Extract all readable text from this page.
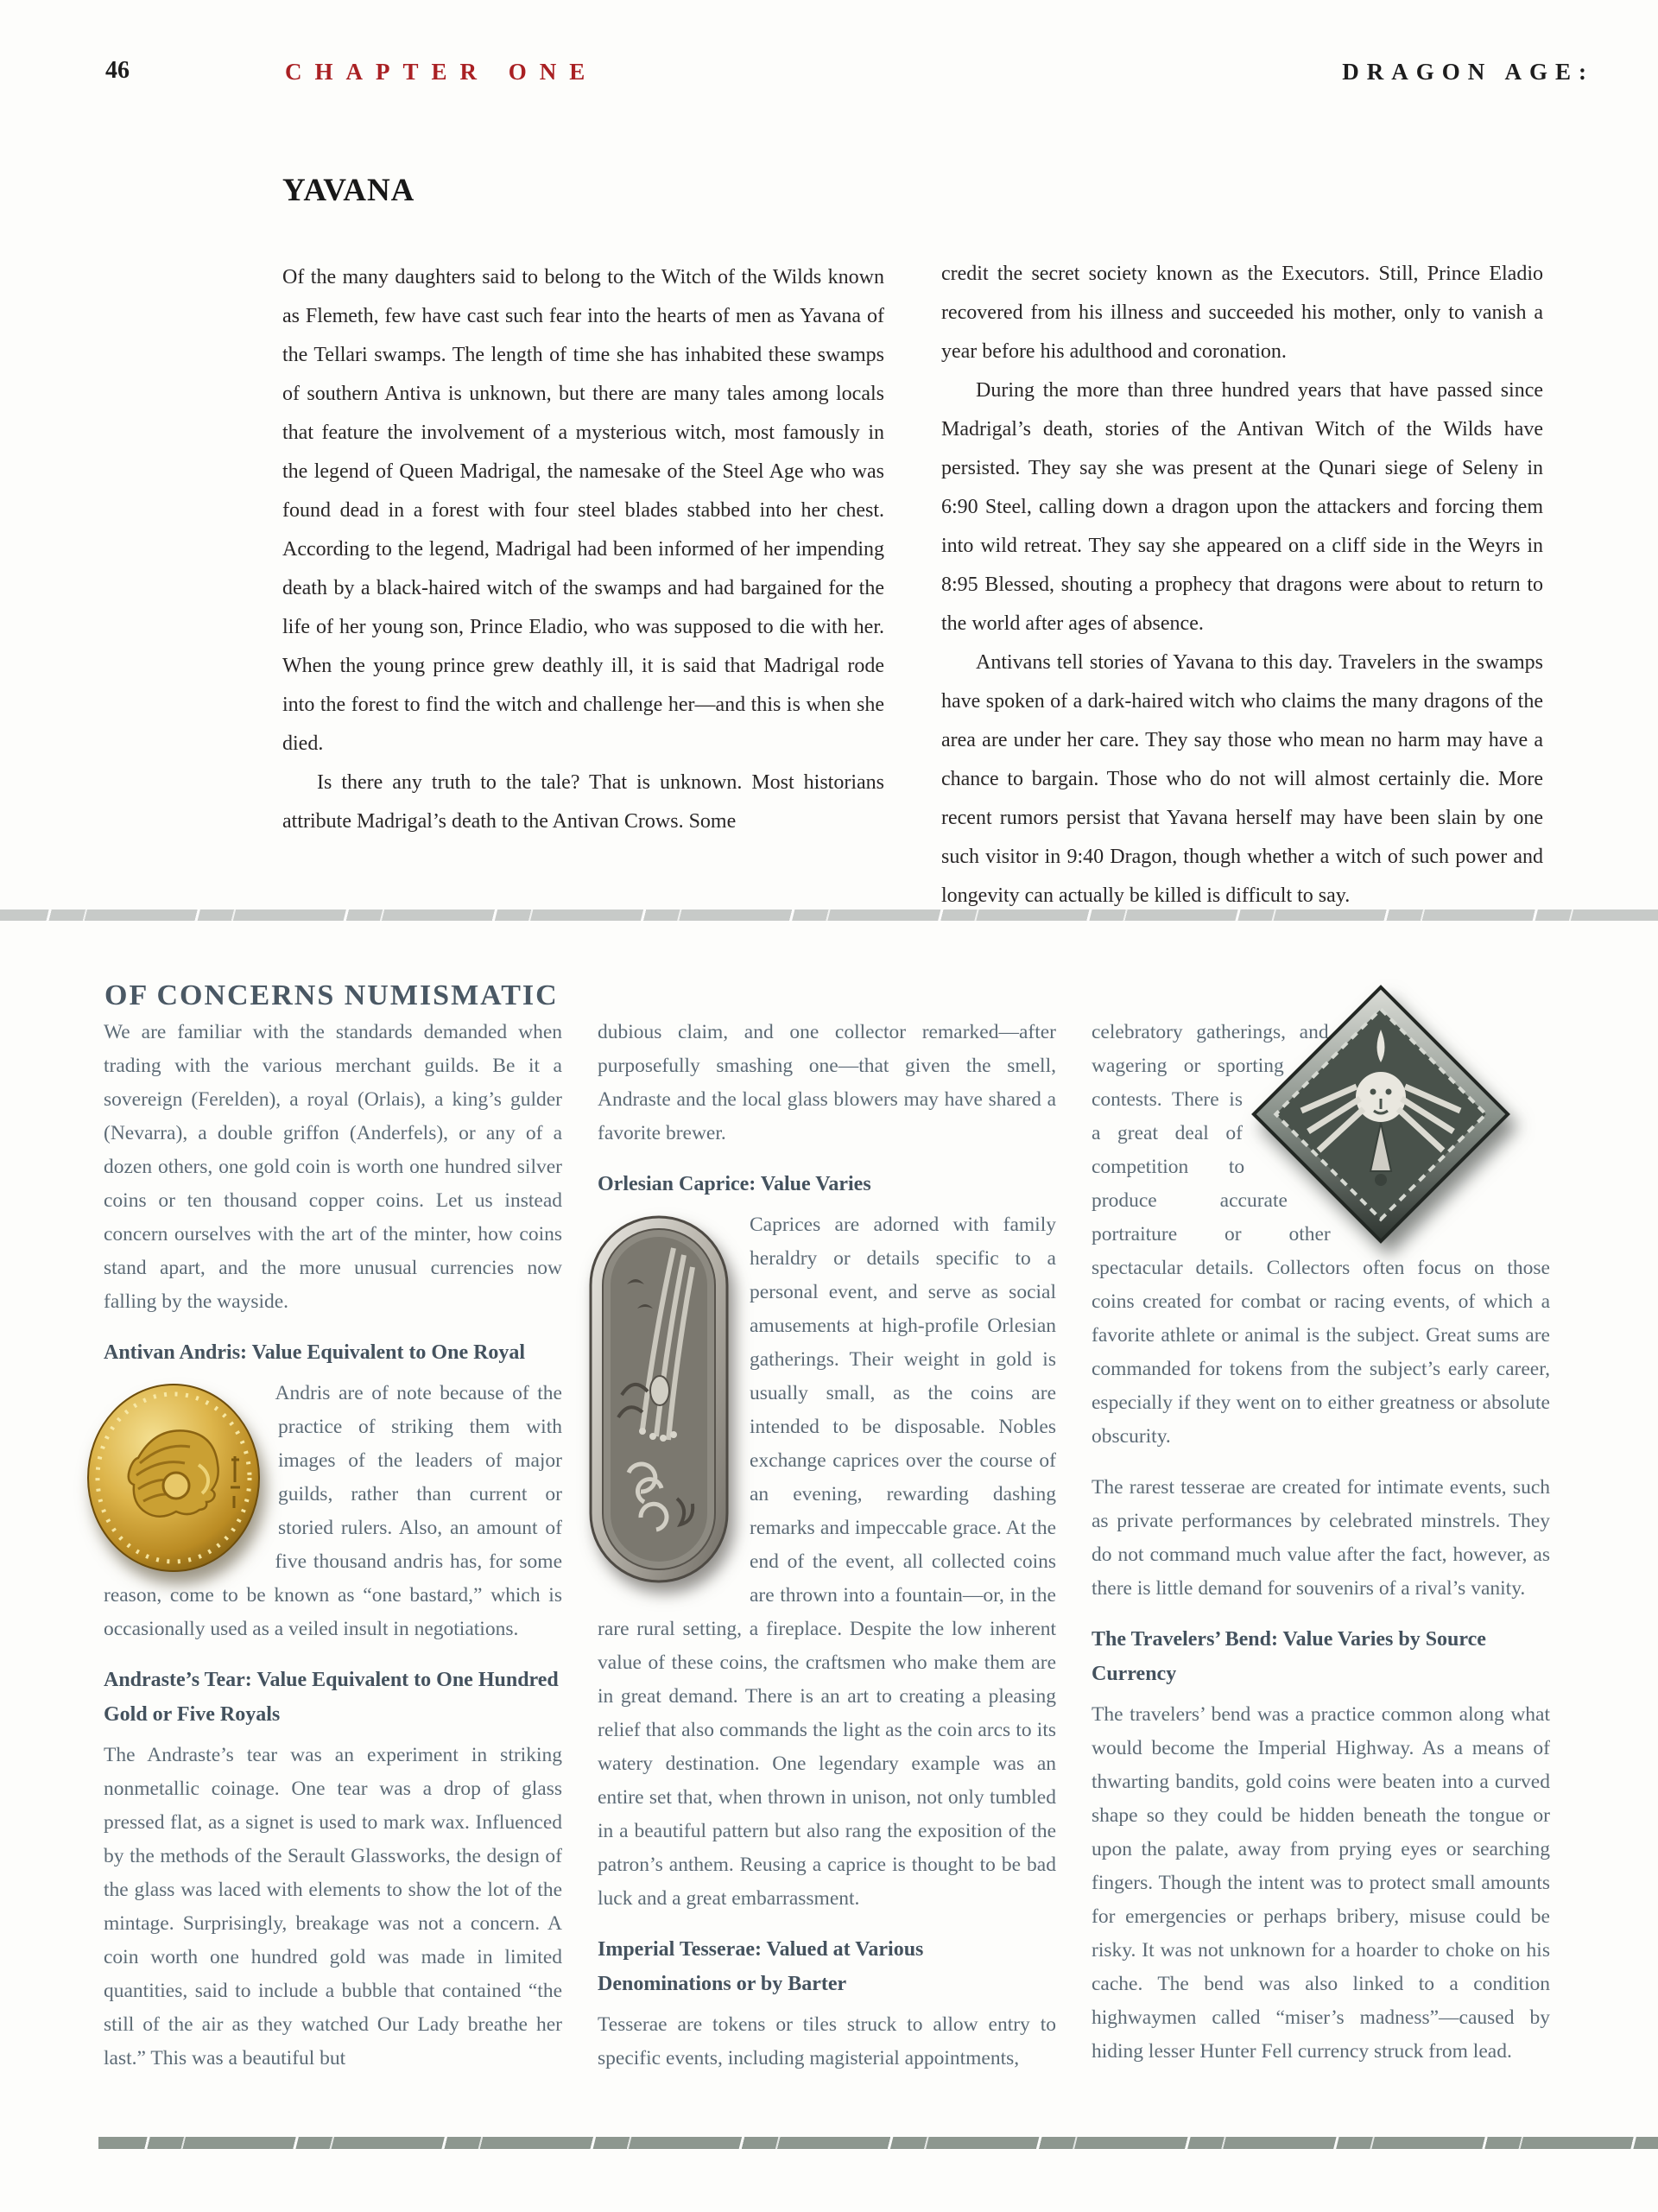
46	CHAPTER ONE	DRAGON AGE:
YAVANA

Of the many daughters said to belong to the Witch of the Wilds known as Flemeth, few have cast such fear into the hearts of men as Yavana of the Tellari swamps. The length of time she has inhabited these swamps of southern Antiva is unknown, but there are many tales among locals that feature the involvement of a mysterious witch, most famously in the legend of Queen Madrigal, the namesake of the Steel Age who was found dead in a forest with four steel blades stabbed into her chest. According to the legend, Madrigal had been informed of her impending death by a black-haired witch of the swamps and had bargained for the life of her young son, Prince Eladio, who was supposed to die with her. When the young prince grew deathly ill, it is said that Madrigal rode into the forest to find the witch and challenge her—and this is when she died.

Is there any truth to the tale? That is unknown. Most historians attribute Madrigal’s death to the Antivan Crows. Some

credit the secret society known as the Executors. Still, Prince Eladio recovered from his illness and succeeded his mother, only to vanish a year before his adulthood and coronation.

During the more than three hundred years that have passed since Madrigal’s death, stories of the Antivan Witch of the Wilds have persisted. They say she was present at the Qunari siege of Seleny in 6:90 Steel, calling down a dragon upon the attackers and forcing them into wild retreat. They say she appeared on a cliff side in the Weyrs in 8:95 Blessed, shouting a prophecy that dragons were about to return to the world after ages of absence.

Antivans tell stories of Yavana to this day. Travelers in the swamps have spoken of a dark-haired witch who claims the many dragons of the area are under her care. They say those who mean no harm may have a chance to bargain. Those who do not will almost certainly die. More recent rumors persist that Yavana herself may have been slain by one such visitor in 9:40 Dragon, though whether a witch of such power and longevity can actually be killed is difficult to say.

OF CONCERNS NUMISMATIC

We are familiar with the standards demanded when trading with the various merchant guilds. Be it a sovereign (Ferelden), a royal (Orlais), a king’s gulder (Nevarra), a double griffon (Anderfels), or any of a dozen others, one gold coin is worth one hundred silver coins or ten thousand copper coins. Let us instead concern ourselves with the art of the minter, how coins stand apart, and the more unusual currencies now falling by the wayside.

Antivan Andris: Value Equivalent to One Royal

Andris are of note because of the practice of striking them with images of the leaders of major guilds, rather than current or storied rulers. Also, an amount of five thousand andris has, for some reason, come to be known as “one bastard,” which is occasionally used as a veiled insult in negotiations.

Andraste’s Tear: Value Equivalent to One Hundred Gold or Five Royals

The Andraste’s tear was an experiment in striking nonmetallic coinage. One tear was a drop of glass pressed flat, as a signet is used to mark wax. Influenced by the methods of the Serault Glassworks, the design of the glass was laced with elements to show the lot of the mintage. Surprisingly, breakage was not a concern. A coin worth one hundred gold was made in limited quantities, said to include a bubble that contained “the still of the air as they watched Our Lady breathe her last.” This was a beautiful but

dubious claim, and one collector remarked—after purposefully smashing one—that given the smell, Andraste and the local glass blowers may have shared a favorite brewer.

Orlesian Caprice: Value Varies

Caprices are adorned with family heraldry or details specific to a personal event, and serve as social amusements at high-profile Orlesian gatherings. Their weight in gold is usually small, as the coins are intended to be disposable. Nobles exchange caprices over the course of an evening, rewarding dashing remarks and impeccable grace. At the end of the event, all collected coins are thrown into a fountain—or, in the rare rural setting, a fireplace. Despite the low inherent value of these coins, the craftsmen who make them are in great demand. There is an art to creating a pleasing relief that also commands the light as the coin arcs to its watery destination. One legendary example was an entire set that, when thrown in unison, not only tumbled in a beautiful pattern but also rang the exposition of the patron’s anthem. Reusing a caprice is thought to be bad luck and a great embarrassment.

Imperial Tesserae: Valued at Various Denominations or by Barter

Tesserae are tokens or tiles struck to allow entry to specific events, including magisterial appointments,

celebratory gatherings, and wagering or sporting contests. There is a great deal of competition to produce accurate portraiture or other spectacular details. Collectors often focus on those coins created for combat or racing events, of which a favorite athlete or animal is the subject. Great sums are commanded for tokens from the subject’s early career, especially if they went on to either greatness or absolute obscurity.

The rarest tesserae are created for intimate events, such as private performances by celebrated minstrels. They do not command much value after the fact, however, as there is little demand for souvenirs of a rival’s vanity.

The Travelers’ Bend: Value Varies by Source Currency

The travelers’ bend was a practice common along what would become the Imperial Highway. As a means of thwarting bandits, gold coins were beaten into a curved shape so they could be hidden beneath the tongue or upon the palate, away from prying eyes or searching fingers. Though the intent was to protect small amounts for emergencies or perhaps bribery, misuse could be risky. It was not unknown for a hoarder to choke on his cache. The bend was also linked to a condition highwaymen called “miser’s madness”—caused by hiding lesser Hunter Fell currency struck from lead.
